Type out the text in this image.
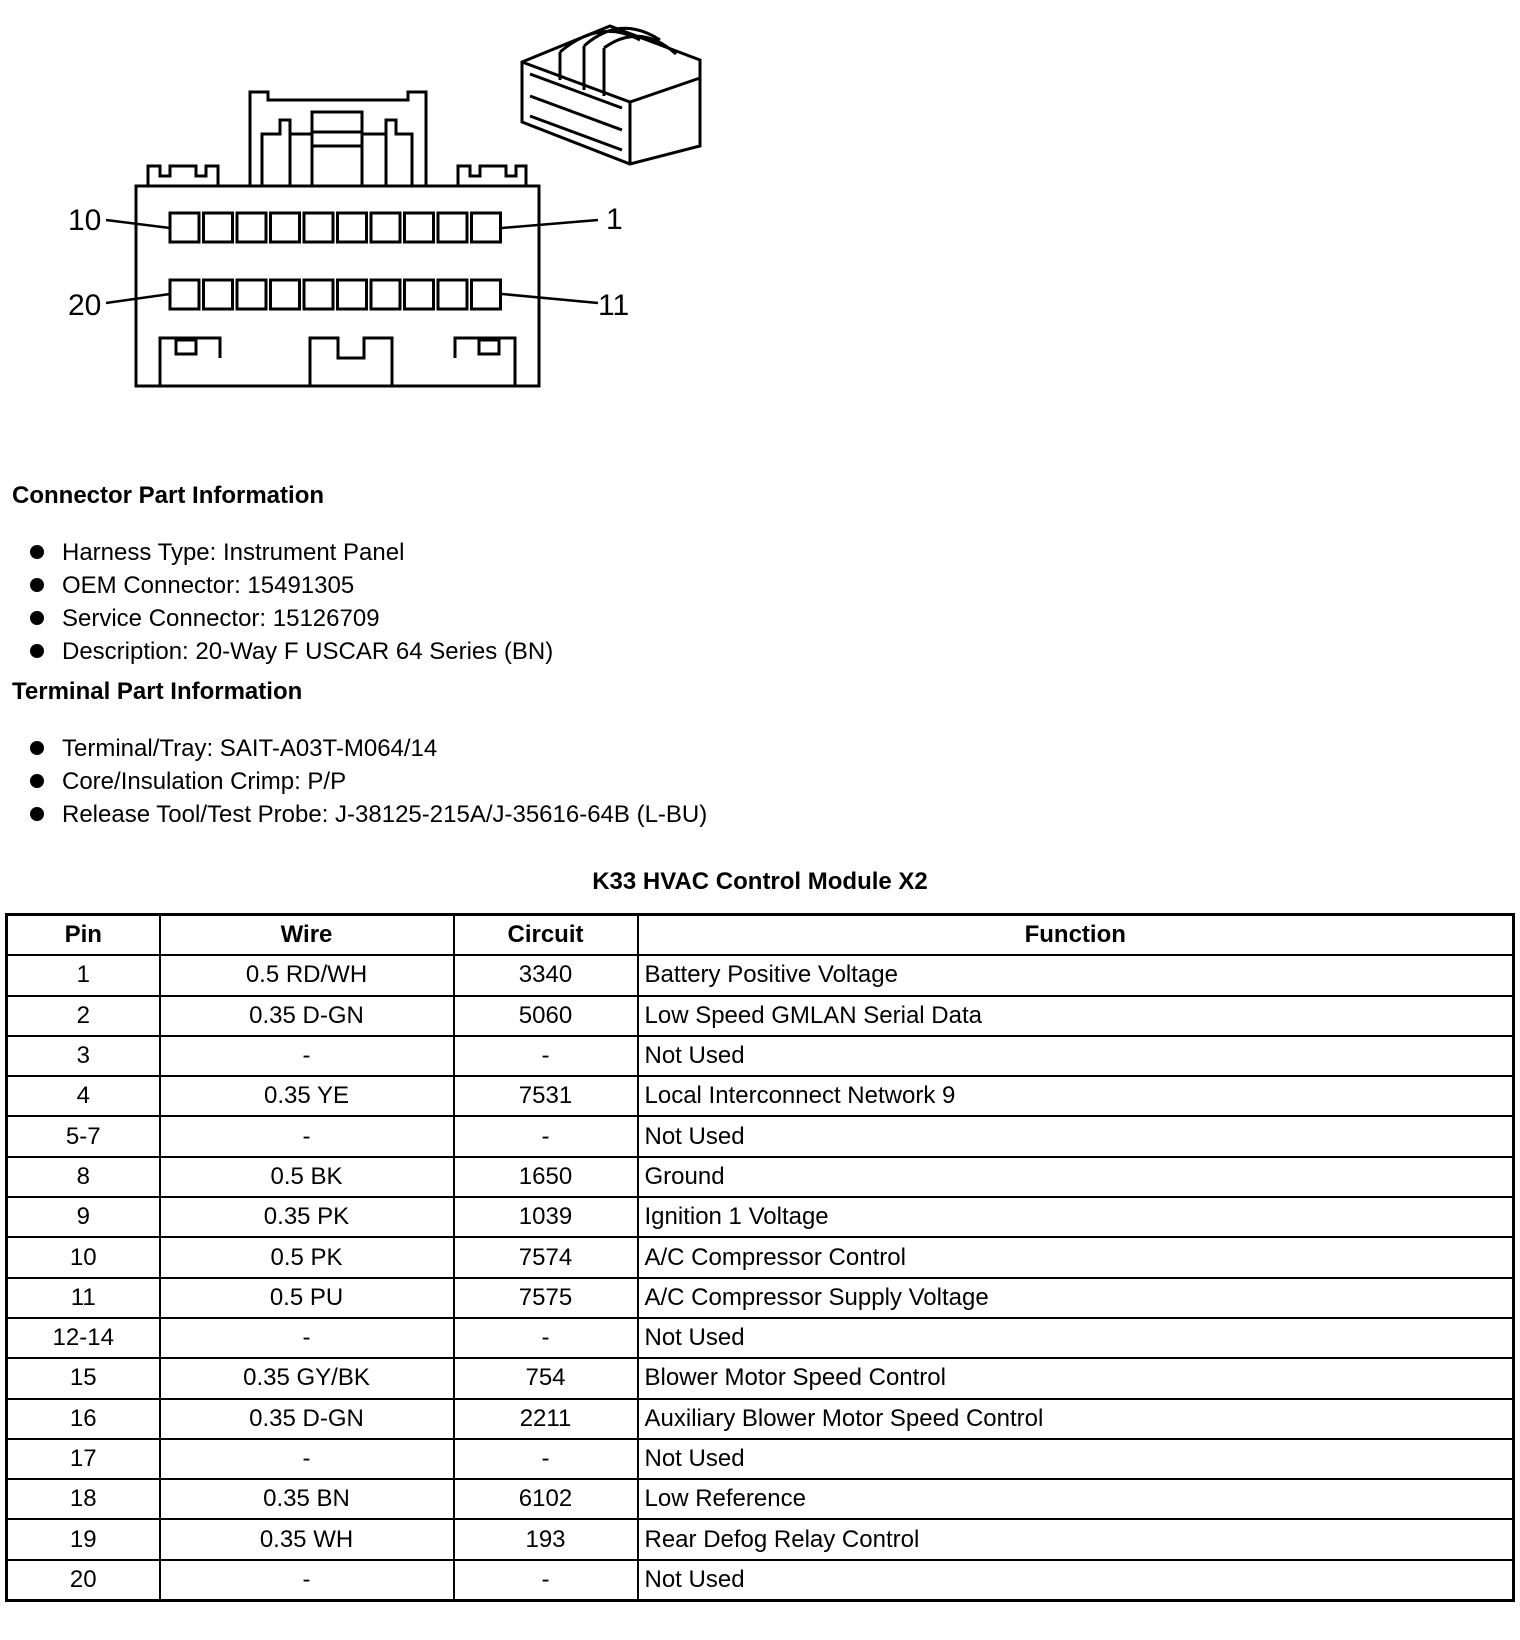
10	1
20	11
Connector Part Information
Harness Type: Instrument Panel
OEM Connector: 15491305
Service Connector: 15126709
Description: 20-Way F USCAR 64 Series (BN)
Terminal Part Information
Terminal/Tray: SAIT-A03T-M064/14
Core/Insulation Crimp: P/P
Release Tool/Test Probe: J-38125-215A/J-35616-64B (L-BU)
K33 HVAC Control Module X2
Pin	Wire	Circuit	Function
1	0.5 RD/WH	3340	Battery Positive Voltage
2	0.35 D-GN	5060	Low Speed GMLAN Serial Data
3	-	-	Not Used
4	0.35 YE	7531	Local Interconnect Network 9
5-7	-	-	Not Used
8	0.5 BK	1650	Ground
9	0.35 PK	1039	Ignition 1 Voltage
10	0.5 PK	7574	A/C Compressor Control
11	0.5 PU	7575	A/C Compressor Supply Voltage
12-14	-	-	Not Used
15	0.35 GY/BK	754	Blower Motor Speed Control
16	0.35 D-GN	2211	Auxiliary Blower Motor Speed Control
17	-	-	Not Used
18	0.35 BN	6102	Low Reference
19	0.35 WH	193	Rear Defog Relay Control
20	-	-	Not Used
